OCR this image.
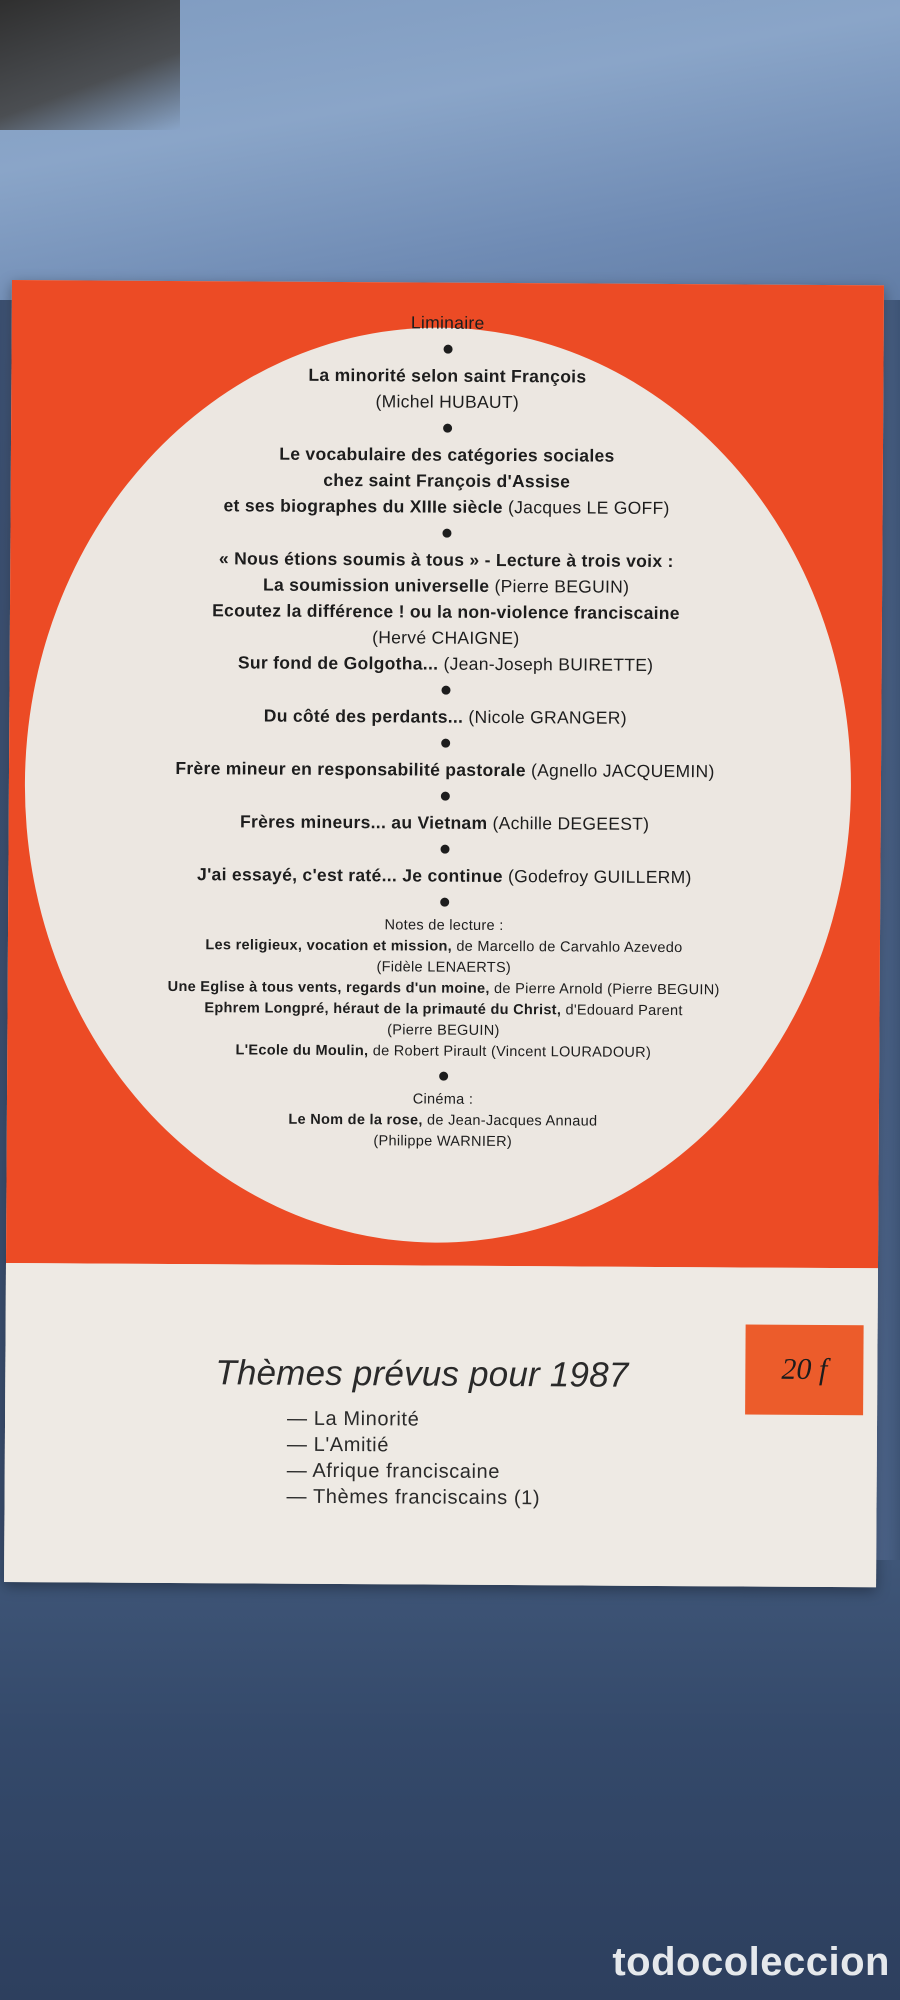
Liminaire
La minorité selon saint François
(Michel HUBAUT)
Le vocabulaire des catégories sociales
chez saint François d'Assise
et ses biographes du XIIIe siècle (Jacques LE GOFF)
« Nous étions soumis à tous » - Lecture à trois voix :
La soumission universelle (Pierre BEGUIN)
Ecoutez la différence ! ou la non-violence franciscaine
(Hervé CHAIGNE)
Sur fond de Golgotha... (Jean-Joseph BUIRETTE)
Du côté des perdants... (Nicole GRANGER)
Frère mineur en responsabilité pastorale (Agnello JACQUEMIN)
Frères mineurs... au Vietnam (Achille DEGEEST)
J'ai essayé, c'est raté... Je continue (Godefroy GUILLERM)
Notes de lecture :
Les religieux, vocation et mission, de Marcello de Carvahlo Azevedo
(Fidèle LENAERTS)
Une Eglise à tous vents, regards d'un moine, de Pierre Arnold (Pierre BEGUIN)
Ephrem Longpré, héraut de la primauté du Christ, d'Edouard Parent
(Pierre BEGUIN)
L'Ecole du Moulin, de Robert Pirault (Vincent LOURADOUR)
Cinéma :
Le Nom de la rose, de Jean-Jacques Annaud
(Philippe WARNIER)
Thèmes prévus pour 1987
— La Minorité
— L'Amitié
— Afrique franciscaine
— Thèmes franciscains (1)
20 f
todocoleccion
